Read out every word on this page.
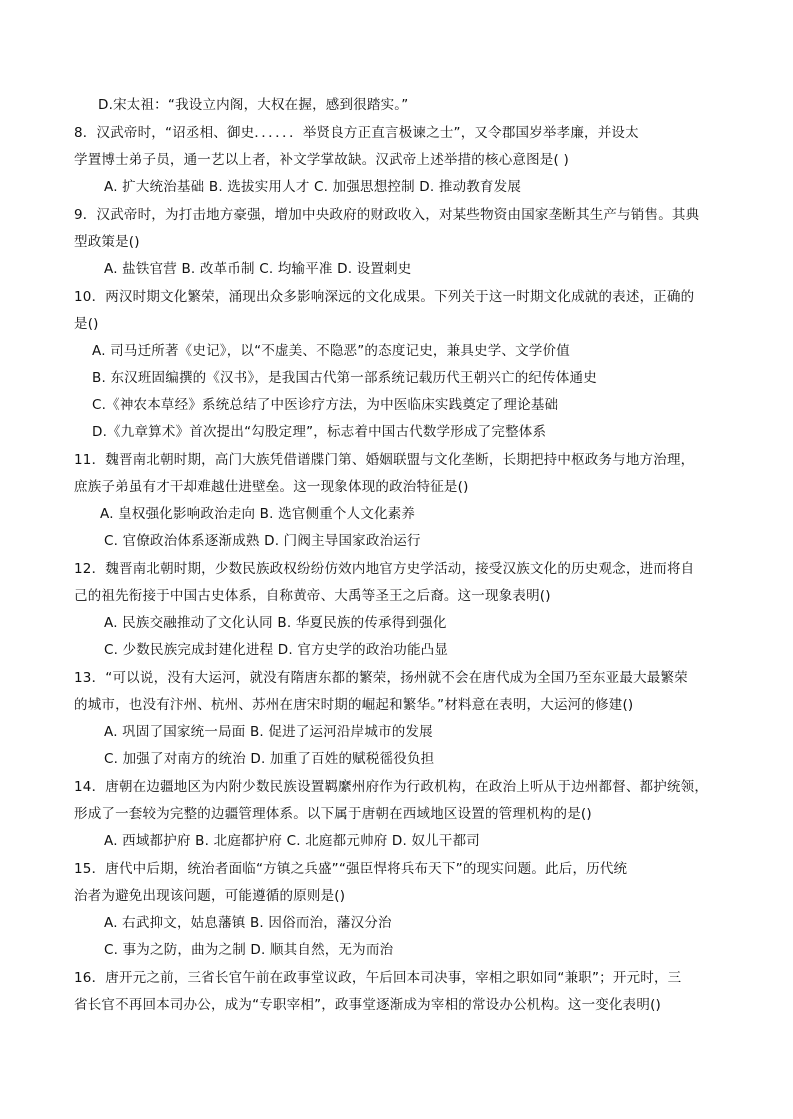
D.宋太祖：“我设立内阁，大权在握，感到很踏实。”
8．汉武帝时，“诏丞相、御史．．．．．．举贤良方正直言极谏之士”，又令郡国岁举孝廉，并设太
学置博士弟子员，通一艺以上者，补文学掌故缺。汉武帝上述举措的核心意图是( )
A. 扩大统治基础 B. 选拔实用人才 C. 加强思想控制 D. 推动教育发展
9．汉武帝时，为打击地方豪强，增加中央政府的财政收入，对某些物资由国家垄断其生产与销售。其典
型政策是()
A. 盐铁官营 B. 改革币制 C. 均输平准 D. 设置刺史
10．两汉时期文化繁荣，涌现出众多影响深远的文化成果。下列关于这一时期文化成就的表述，正确的
是()
A. 司马迁所著《史记》，以“不虚美、不隐恶”的态度记史，兼具史学、文学价值
B. 东汉班固编撰的《汉书》，是我国古代第一部系统记载历代王朝兴亡的纪传体通史
C.《神农本草经》系统总结了中医诊疗方法，为中医临床实践奠定了理论基础
D.《九章算术》首次提出“勾股定理”，标志着中国古代数学形成了完整体系
11．魏晋南北朝时期，高门大族凭借谱牒门第、婚姻联盟与文化垄断，长期把持中枢政务与地方治理，
庶族子弟虽有才干却难越仕进壁垒。这一现象体现的政治特征是()
A. 皇权强化影响政治走向 B. 选官侧重个人文化素养
C. 官僚政治体系逐渐成熟 D. 门阀主导国家政治运行
12．魏晋南北朝时期，少数民族政权纷纷仿效内地官方史学活动，接受汉族文化的历史观念，进而将自
己的祖先衔接于中国古史体系，自称黄帝、大禹等圣王之后裔。这一现象表明()
A. 民族交融推动了文化认同 B. 华夏民族的传承得到强化
C. 少数民族完成封建化进程 D. 官方史学的政治功能凸显
13．“可以说，没有大运河，就没有隋唐东都的繁荣，扬州就不会在唐代成为全国乃至东亚最大最繁荣
的城市，也没有汴州、杭州、苏州在唐宋时期的崛起和繁华。”材料意在表明，大运河的修建()
A. 巩固了国家统一局面 B. 促进了运河沿岸城市的发展
C. 加强了对南方的统治 D. 加重了百姓的赋税徭役负担
14．唐朝在边疆地区为内附少数民族设置羁縻州府作为行政机构，在政治上听从于边州都督、都护统领，
形成了一套较为完整的边疆管理体系。以下属于唐朝在西域地区设置的管理机构的是()
A. 西域都护府 B. 北庭都护府 C. 北庭都元帅府 D. 奴儿干都司
15．唐代中后期，统治者面临“方镇之兵盛”“强臣悍将兵布天下”的现实问题。此后，历代统
治者为避免出现该问题，可能遵循的原则是()
A. 右武抑文，姑息藩镇 B. 因俗而治，藩汉分治
C. 事为之防，曲为之制 D. 顺其自然，无为而治
16．唐开元之前，三省长官午前在政事堂议政，午后回本司决事，宰相之职如同“兼职”；开元时，三
省长官不再回本司办公，成为“专职宰相”，政事堂逐渐成为宰相的常设办公机构。这一变化表明()
